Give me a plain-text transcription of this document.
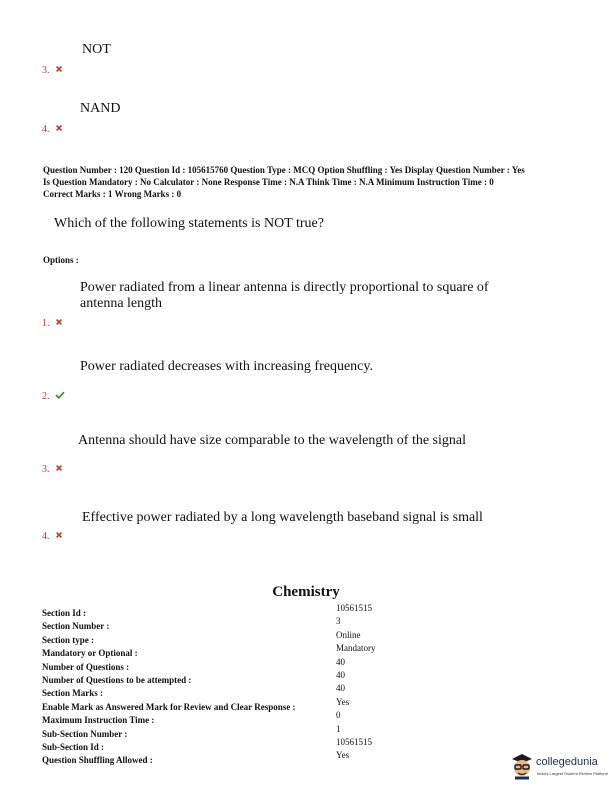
NOT
3.
NAND
4.
Question Number : 120 Question Id : 105615760 Question Type : MCQ Option Shuffling : Yes Display Question Number : Yes
Is Question Mandatory : No Calculator : None Response Time : N.A Think Time : N.A Minimum Instruction Time : 0
Correct Marks : 1 Wrong Marks : 0
Which of the following statements is NOT true?
Options :
Power radiated from a linear antenna is directly proportional to square of
antenna length
1.
Power radiated decreases with increasing frequency.
2.
Antenna should have size comparable to the wavelength of the signal
3.
Effective power radiated by a long wavelength baseband signal is small
4.
Chemistry
Section Id :	10561515
Section Number :	3
Section type :	Online
Mandatory or Optional :	Mandatory
Number of Questions :	40
Number of Questions to be attempted :	40
Section Marks :	40
Enable Mark as Answered Mark for Review and Clear Response :	Yes
Maximum Instruction Time :	0
Sub-Section Number :	1
Sub-Section Id :	10561515
Question Shuffling Allowed :	Yes
collegedunia
India's Largest Student Review Platform
